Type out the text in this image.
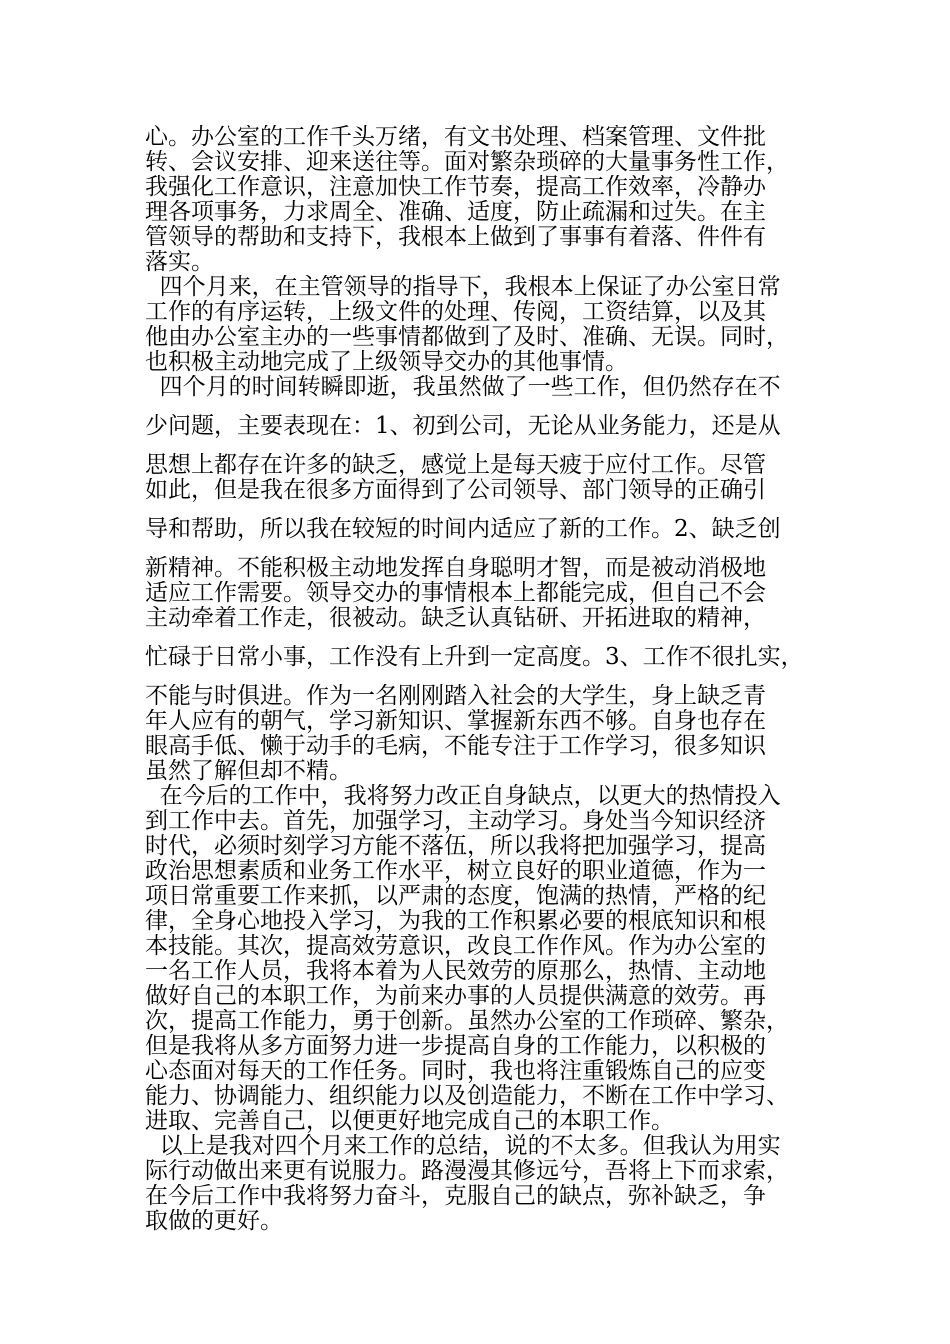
心。办公室的工作千头万绪，有文书处理、档案管理、文件批
转、会议安排、迎来送往等。面对繁杂琐碎的大量事务性工作，
我强化工作意识，注意加快工作节奏，提高工作效率，冷静办
理各项事务，力求周全、准确、适度，防止疏漏和过失。在主
管领导的帮助和支持下，我根本上做到了事事有着落、件件有
落实。
四个月来，在主管领导的指导下，我根本上保证了办公室日常
工作的有序运转，上级文件的处理、传阅，工资结算，以及其
他由办公室主办的一些事情都做到了及时、准确、无误。同时，
也积极主动地完成了上级领导交办的其他事情。
四个月的时间转瞬即逝，我虽然做了一些工作，但仍然存在不
少问题，主要表现在：1、初到公司，无论从业务能力，还是从
思想上都存在许多的缺乏，感觉上是每天疲于应付工作。尽管
如此，但是我在很多方面得到了公司领导、部门领导的正确引
导和帮助，所以我在较短的时间内适应了新的工作。2、缺乏创
新精神。不能积极主动地发挥自身聪明才智，而是被动消极地
适应工作需要。领导交办的事情根本上都能完成，但自己不会
主动牵着工作走，很被动。缺乏认真钻研、开拓进取的精神，
忙碌于日常小事，工作没有上升到一定高度。3、工作不很扎实，
不能与时俱进。作为一名刚刚踏入社会的大学生，身上缺乏青
年人应有的朝气，学习新知识、掌握新东西不够。自身也存在
眼高手低、懒于动手的毛病，不能专注于工作学习，很多知识
虽然了解但却不精。
在今后的工作中，我将努力改正自身缺点，以更大的热情投入
到工作中去。首先，加强学习，主动学习。身处当今知识经济
时代，必须时刻学习方能不落伍，所以我将把加强学习，提高
政治思想素质和业务工作水平，树立良好的职业道德，作为一
项日常重要工作来抓，以严肃的态度，饱满的热情，严格的纪
律，全身心地投入学习，为我的工作积累必要的根底知识和根
本技能。其次，提高效劳意识，改良工作作风。作为办公室的
一名工作人员，我将本着为人民效劳的原那么，热情、主动地
做好自己的本职工作，为前来办事的人员提供满意的效劳。再
次，提高工作能力，勇于创新。虽然办公室的工作琐碎、繁杂，
但是我将从多方面努力进一步提高自身的工作能力，以积极的
心态面对每天的工作任务。同时，我也将注重锻炼自己的应变
能力、协调能力、组织能力以及创造能力，不断在工作中学习、
进取、完善自己，以便更好地完成自己的本职工作。
以上是我对四个月来工作的总结，说的不太多。但我认为用实
际行动做出来更有说服力。路漫漫其修远兮，吾将上下而求索，
在今后工作中我将努力奋斗，克服自己的缺点，弥补缺乏，争
取做的更好。
